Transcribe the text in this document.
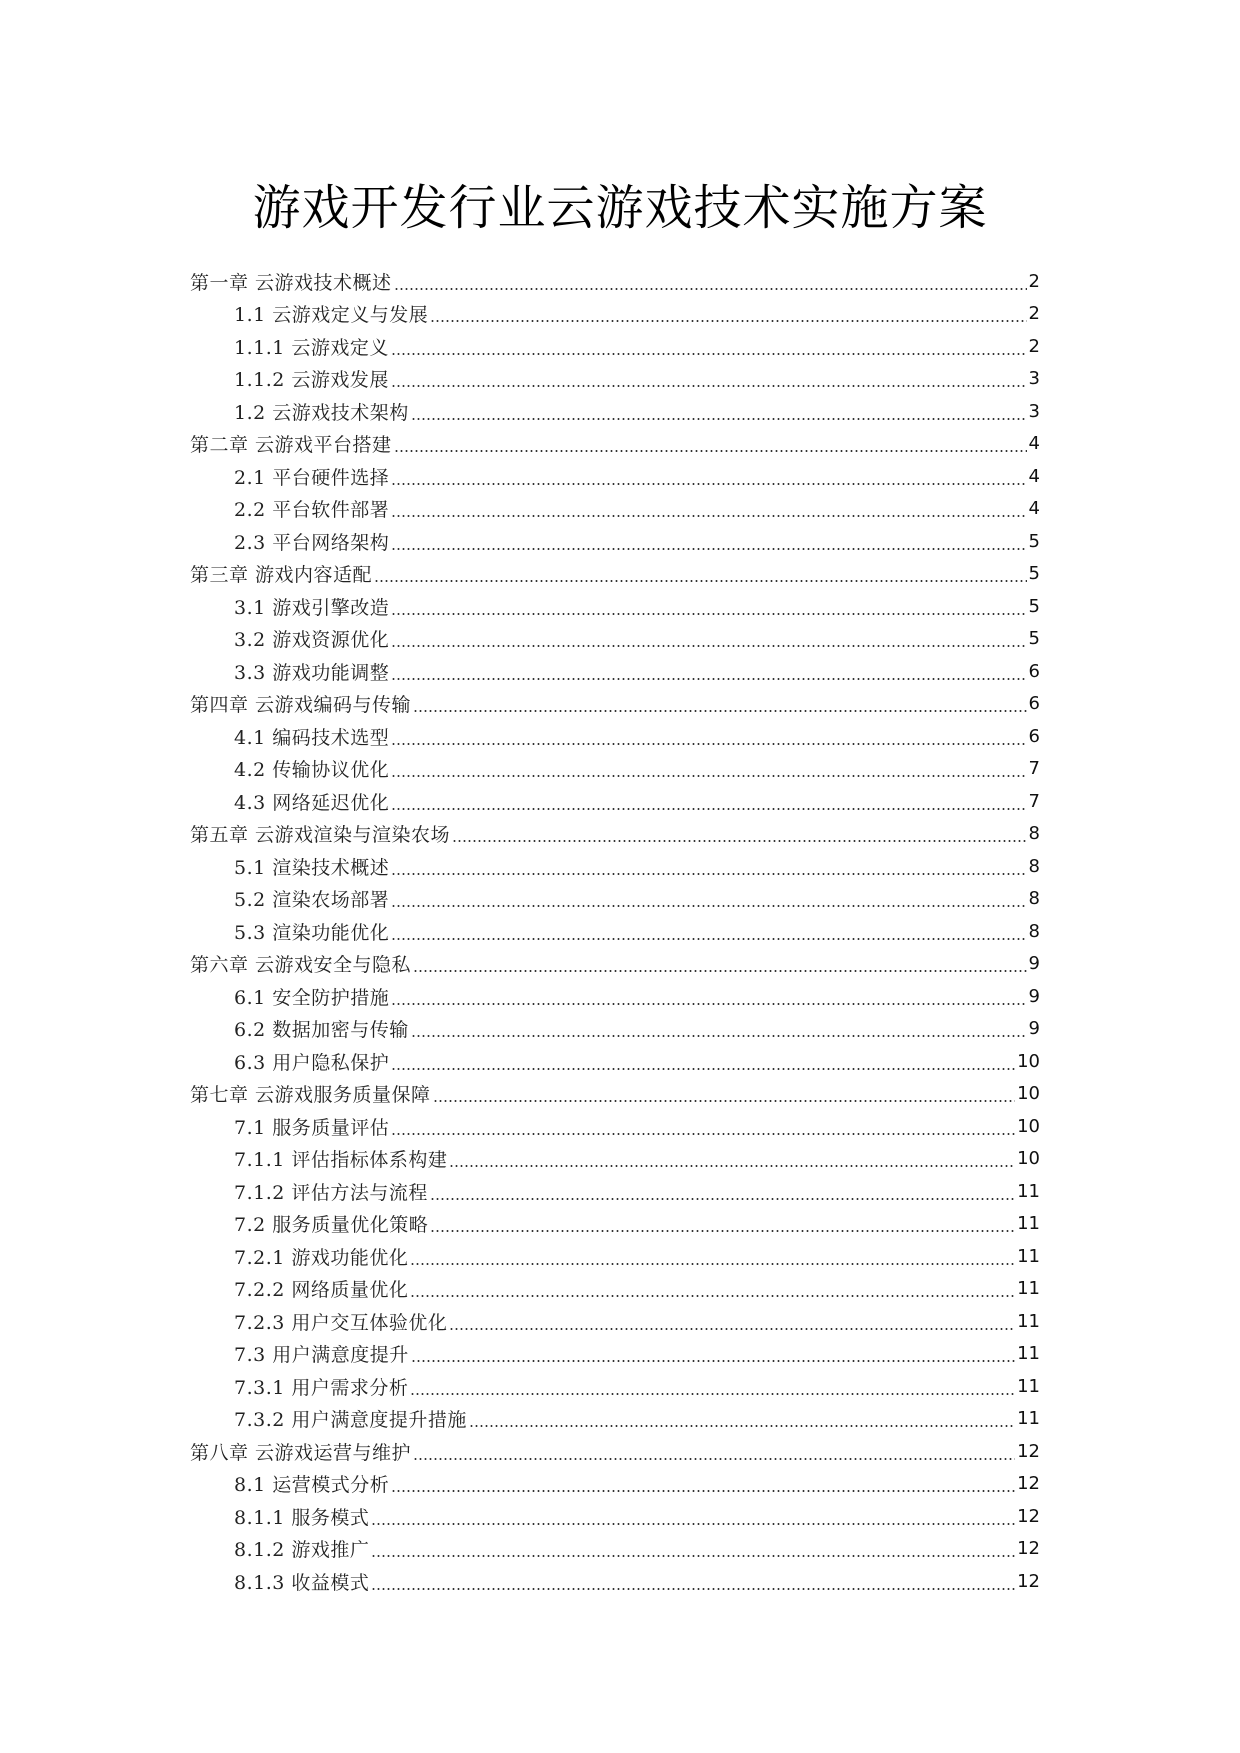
游戏开发行业云游戏技术实施方案
第一章 云游戏技术概述	2
1.1 云游戏定义与发展	2
1.1.1 云游戏定义	2
1.1.2 云游戏发展	3
1.2 云游戏技术架构	3
第二章 云游戏平台搭建	4
2.1 平台硬件选择	4
2.2 平台软件部署	4
2.3 平台网络架构	5
第三章 游戏内容适配	5
3.1 游戏引擎改造	5
3.2 游戏资源优化	5
3.3 游戏功能调整	6
第四章 云游戏编码与传输	6
4.1 编码技术选型	6
4.2 传输协议优化	7
4.3 网络延迟优化	7
第五章 云游戏渲染与渲染农场	8
5.1 渲染技术概述	8
5.2 渲染农场部署	8
5.3 渲染功能优化	8
第六章 云游戏安全与隐私	9
6.1 安全防护措施	9
6.2 数据加密与传输	9
6.3 用户隐私保护	10
第七章 云游戏服务质量保障	10
7.1 服务质量评估	10
7.1.1 评估指标体系构建	10
7.1.2 评估方法与流程	11
7.2 服务质量优化策略	11
7.2.1 游戏功能优化	11
7.2.2 网络质量优化	11
7.2.3 用户交互体验优化	11
7.3 用户满意度提升	11
7.3.1 用户需求分析	11
7.3.2 用户满意度提升措施	11
第八章 云游戏运营与维护	12
8.1 运营模式分析	12
8.1.1 服务模式	12
8.1.2 游戏推广	12
8.1.3 收益模式	12
